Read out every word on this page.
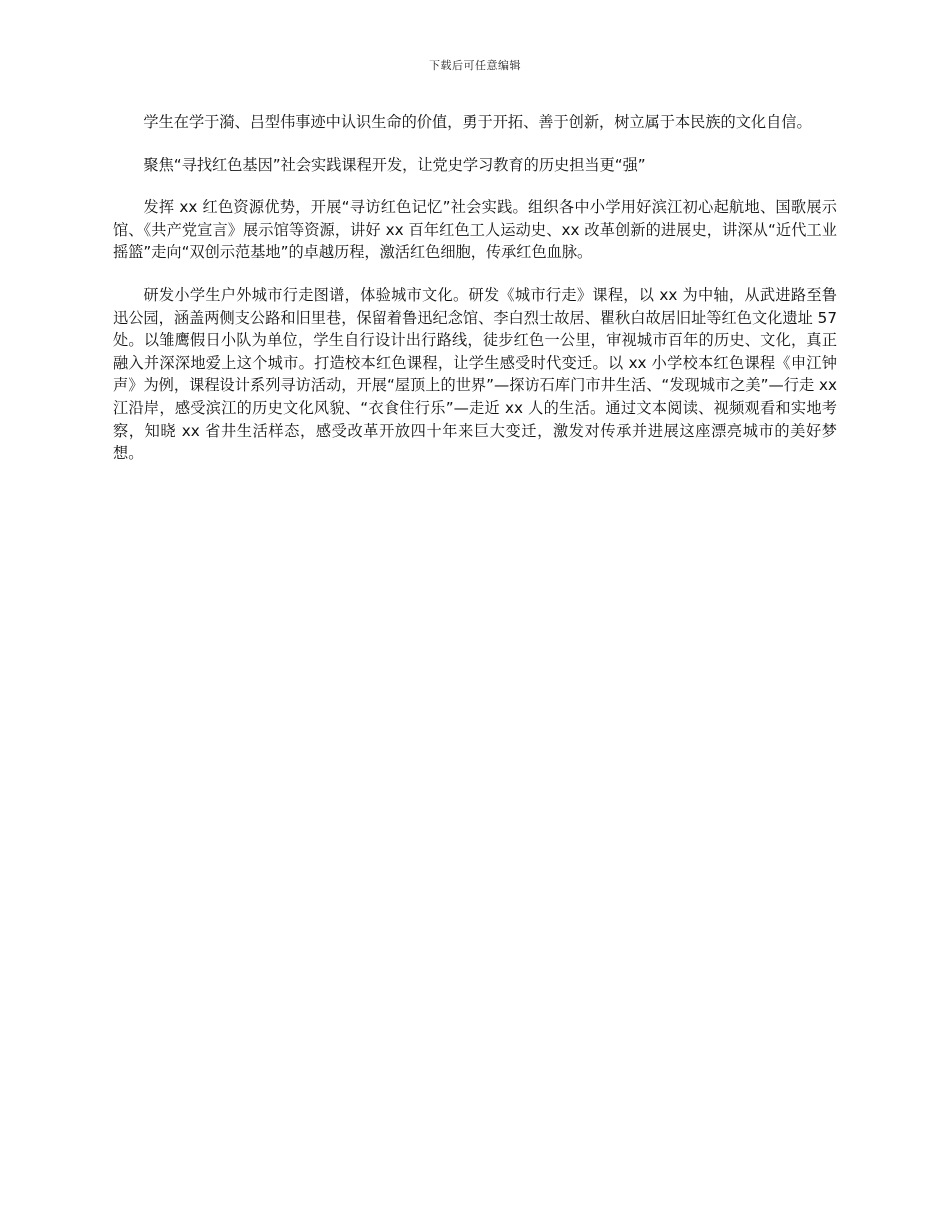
下载后可任意编辑

学生在学于漪、吕型伟事迹中认识生命的价值，勇于开拓、善于创新，树立属于本民族的文化自信。

聚焦“寻找红色基因”社会实践课程开发，让党史学习教育的历史担当更“强”

发挥 xx 红色资源优势，开展“寻访红色记忆”社会实践。组织各中小学用好滨江初心起航地、国歌展示馆、《共产党宣言》展示馆等资源，讲好 xx 百年红色工人运动史、xx 改革创新的进展史，讲深从“近代工业摇篮”走向“双创示范基地”的卓越历程，激活红色细胞，传承红色血脉。

研发小学生户外城市行走图谱，体验城市文化。研发《城市行走》课程，以 xx 为中轴，从武进路至鲁迅公园，涵盖两侧支公路和旧里巷，保留着鲁迅纪念馆、李白烈士故居、瞿秋白故居旧址等红色文化遗址 57 处。以雏鹰假日小队为单位，学生自行设计出行路线，徒步红色一公里，审视城市百年的历史、文化，真正融入并深深地爱上这个城市。打造校本红色课程，让学生感受时代变迁。以 xx 小学校本红色课程《申江钟声》为例，课程设计系列寻访活动，开展“屋顶上的世界”—探访石库门市井生活、“发现城市之美”—行走 xx 江沿岸，感受滨江的历史文化风貌、“衣食住行乐”—走近 xx 人的生活。通过文本阅读、视频观看和实地考察，知晓 xx 省井生活样态，感受改革开放四十年来巨大变迁，激发对传承并进展这座漂亮城市的美好梦想。
